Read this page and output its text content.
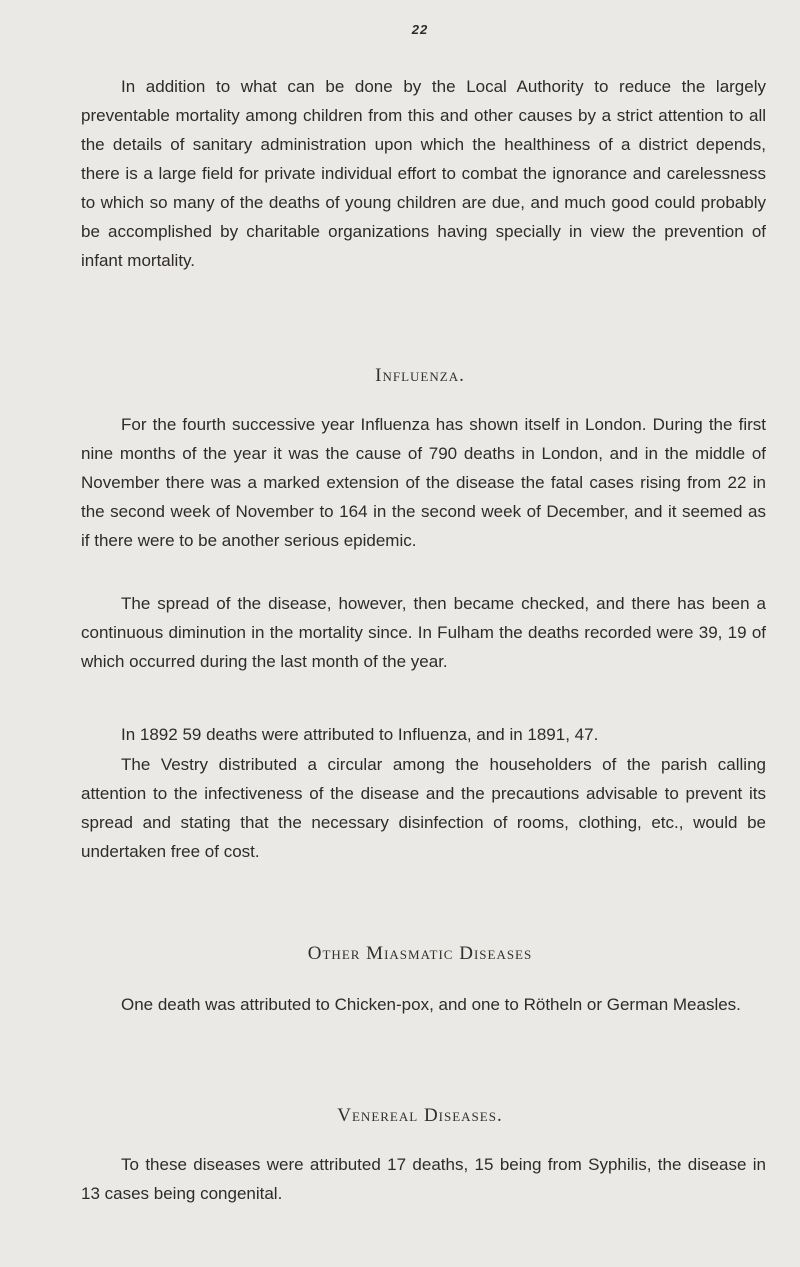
22

In addition to what can be done by the Local Authority to reduce the largely preventable mortality among children from this and other causes by a strict attention to all the details of sanitary administration upon which the healthiness of a district depends, there is a large field for private individual effort to combat the ignorance and carelessness to which so many of the deaths of young children are due, and much good could probably be accomplished by charitable organizations having specially in view the prevention of infant mortality.

Influenza.

For the fourth successive year Influenza has shown itself in London. During the first nine months of the year it was the cause of 790 deaths in London, and in the middle of November there was a marked extension of the disease the fatal cases rising from 22 in the second week of November to 164 in the second week of December, and it seemed as if there were to be another serious epidemic.

The spread of the disease, however, then became checked, and there has been a continuous diminution in the mortality since. In Fulham the deaths recorded were 39, 19 of which occurred during the last month of the year.

In 1892 59 deaths were attributed to Influenza, and in 1891, 47.

The Vestry distributed a circular among the householders of the parish calling attention to the infectiveness of the disease and the precautions advisable to prevent its spread and stating that the necessary disinfection of rooms, clothing, etc., would be undertaken free of cost.

Other Miasmatic Diseases

One death was attributed to Chicken-pox, and one to Rötheln or German Measles.

Venereal Diseases.

To these diseases were attributed 17 deaths, 15 being from Syphilis, the disease in 13 cases being congenital.
